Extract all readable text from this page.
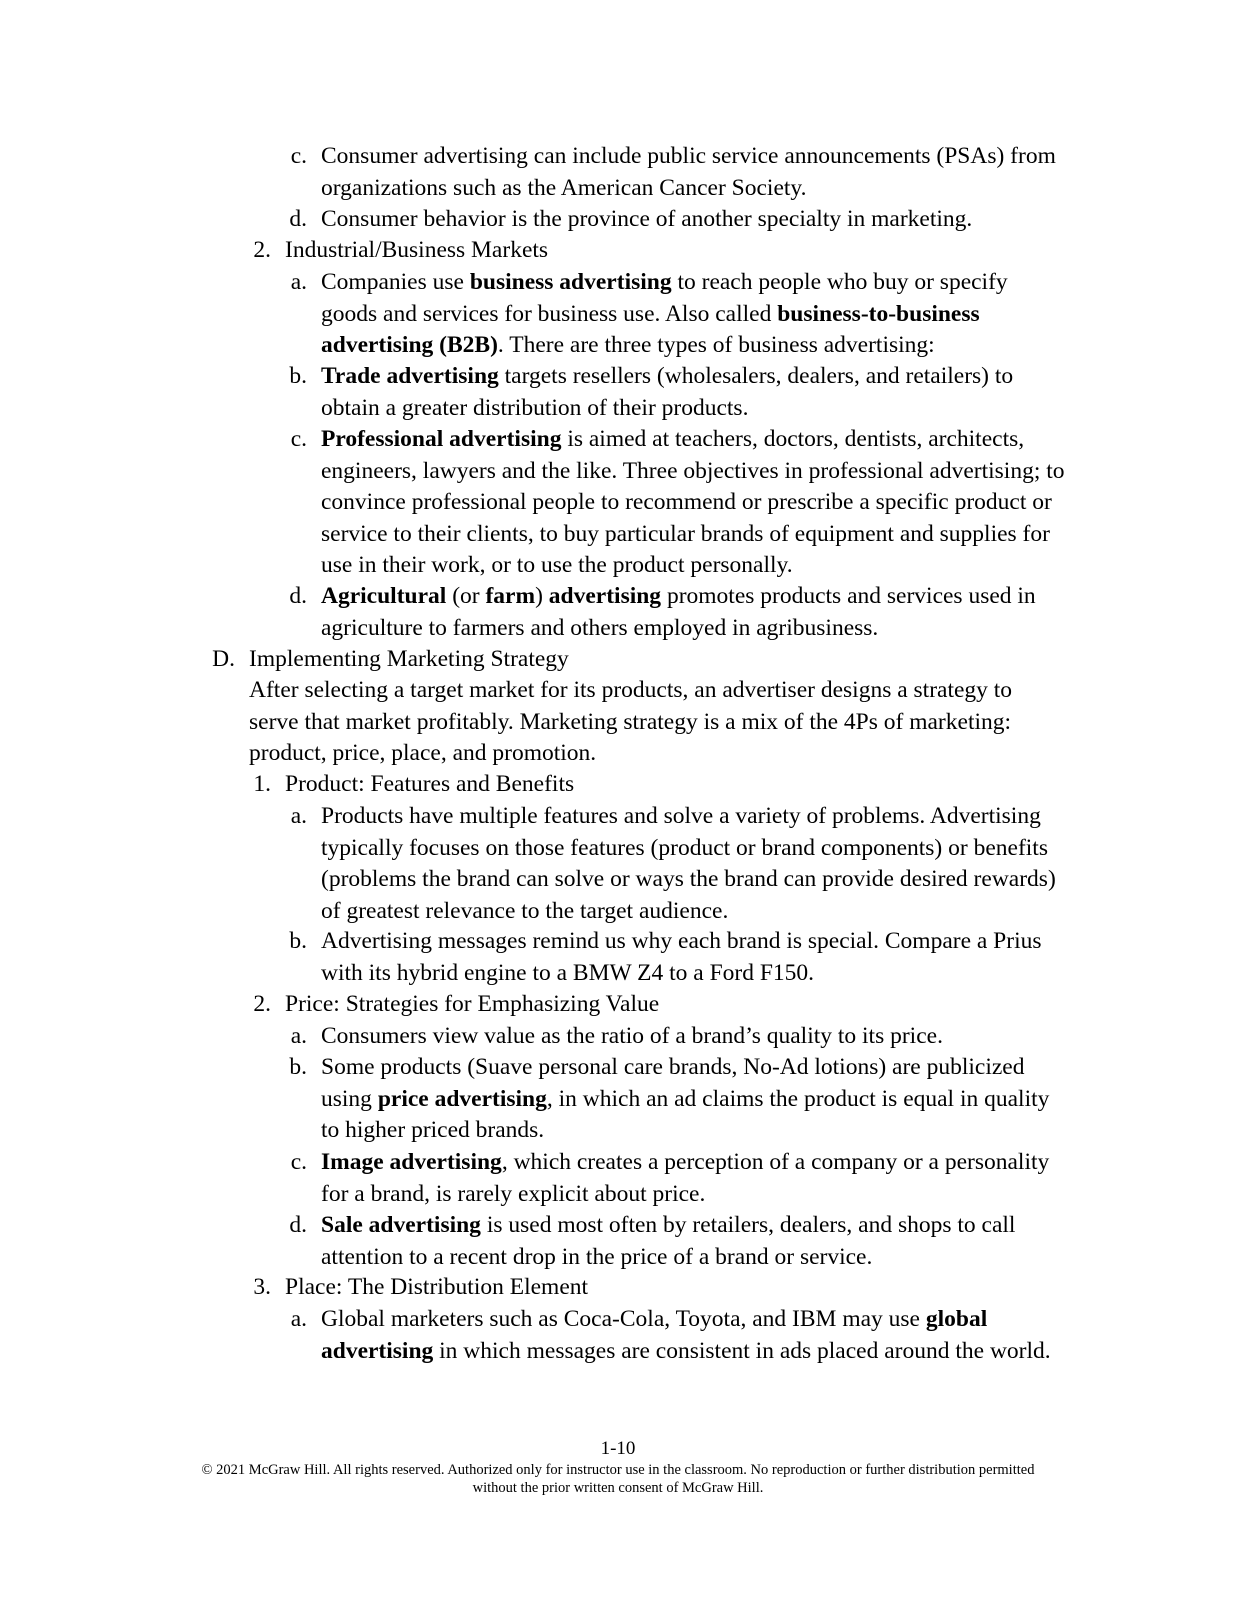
c. Consumer advertising can include public service announcements (PSAs) from organizations such as the American Cancer Society.
d. Consumer behavior is the province of another specialty in marketing.
2. Industrial/Business Markets
a. Companies use business advertising to reach people who buy or specify goods and services for business use. Also called business-to-business advertising (B2B). There are three types of business advertising:
b. Trade advertising targets resellers (wholesalers, dealers, and retailers) to obtain a greater distribution of their products.
c. Professional advertising is aimed at teachers, doctors, dentists, architects, engineers, lawyers and the like. Three objectives in professional advertising; to convince professional people to recommend or prescribe a specific product or service to their clients, to buy particular brands of equipment and supplies for use in their work, or to use the product personally.
d. Agricultural (or farm) advertising promotes products and services used in agriculture to farmers and others employed in agribusiness.
D. Implementing Marketing Strategy
After selecting a target market for its products, an advertiser designs a strategy to serve that market profitably. Marketing strategy is a mix of the 4Ps of marketing: product, price, place, and promotion.
1. Product: Features and Benefits
a. Products have multiple features and solve a variety of problems. Advertising typically focuses on those features (product or brand components) or benefits (problems the brand can solve or ways the brand can provide desired rewards) of greatest relevance to the target audience.
b. Advertising messages remind us why each brand is special. Compare a Prius with its hybrid engine to a BMW Z4 to a Ford F150.
2. Price: Strategies for Emphasizing Value
a. Consumers view value as the ratio of a brand’s quality to its price.
b. Some products (Suave personal care brands, No-Ad lotions) are publicized using price advertising, in which an ad claims the product is equal in quality to higher priced brands.
c. Image advertising, which creates a perception of a company or a personality for a brand, is rarely explicit about price.
d. Sale advertising is used most often by retailers, dealers, and shops to call attention to a recent drop in the price of a brand or service.
3. Place: The Distribution Element
a. Global marketers such as Coca-Cola, Toyota, and IBM may use global advertising in which messages are consistent in ads placed around the world.
1-10
© 2021 McGraw Hill. All rights reserved. Authorized only for instructor use in the classroom. No reproduction or further distribution permitted
without the prior written consent of McGraw Hill.
